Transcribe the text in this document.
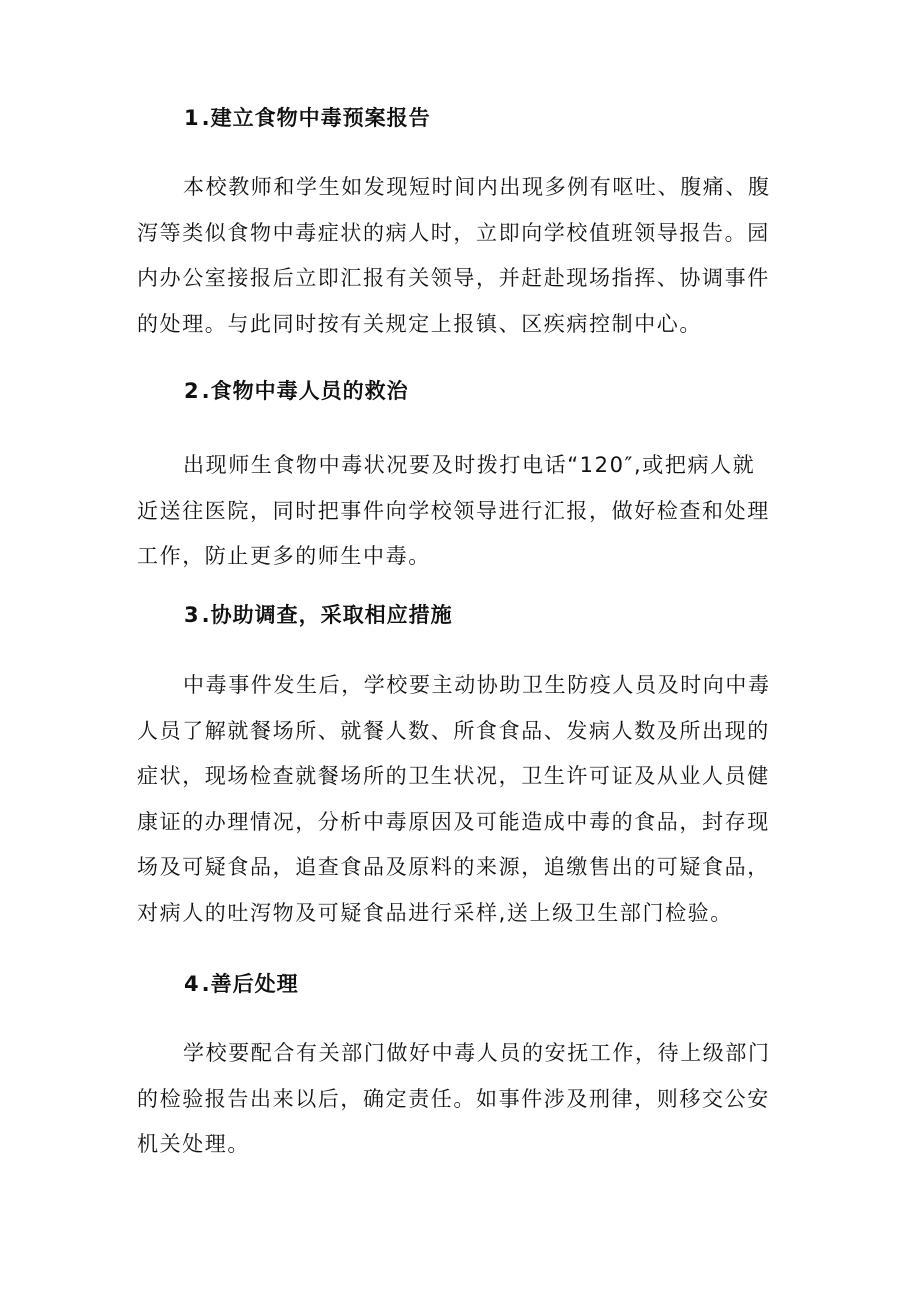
1.建立食物中毒预案报告
本校教师和学生如发现短时间内出现多例有呕吐、腹痛、腹
泻等类似食物中毒症状的病人时，立即向学校值班领导报告。园
内办公室接报后立即汇报有关领导，并赶赴现场指挥、协调事件
的处理。与此同时按有关规定上报镇、区疾病控制中心。
2.食物中毒人员的救治
出现师生食物中毒状况要及时拨打电话“120″,或把病人就
近送往医院，同时把事件向学校领导进行汇报，做好检查和处理
工作，防止更多的师生中毒。
3.协助调查，采取相应措施
中毒事件发生后，学校要主动协助卫生防疫人员及时向中毒
人员了解就餐场所、就餐人数、所食食品、发病人数及所出现的
症状，现场检查就餐场所的卫生状况，卫生许可证及从业人员健
康证的办理情况，分析中毒原因及可能造成中毒的食品，封存现
场及可疑食品，追查食品及原料的来源，追缴售出的可疑食品，
对病人的吐泻物及可疑食品进行采样,送上级卫生部门检验。
4.善后处理
学校要配合有关部门做好中毒人员的安抚工作，待上级部门
的检验报告出来以后，确定责任。如事件涉及刑律，则移交公安
机关处理。
